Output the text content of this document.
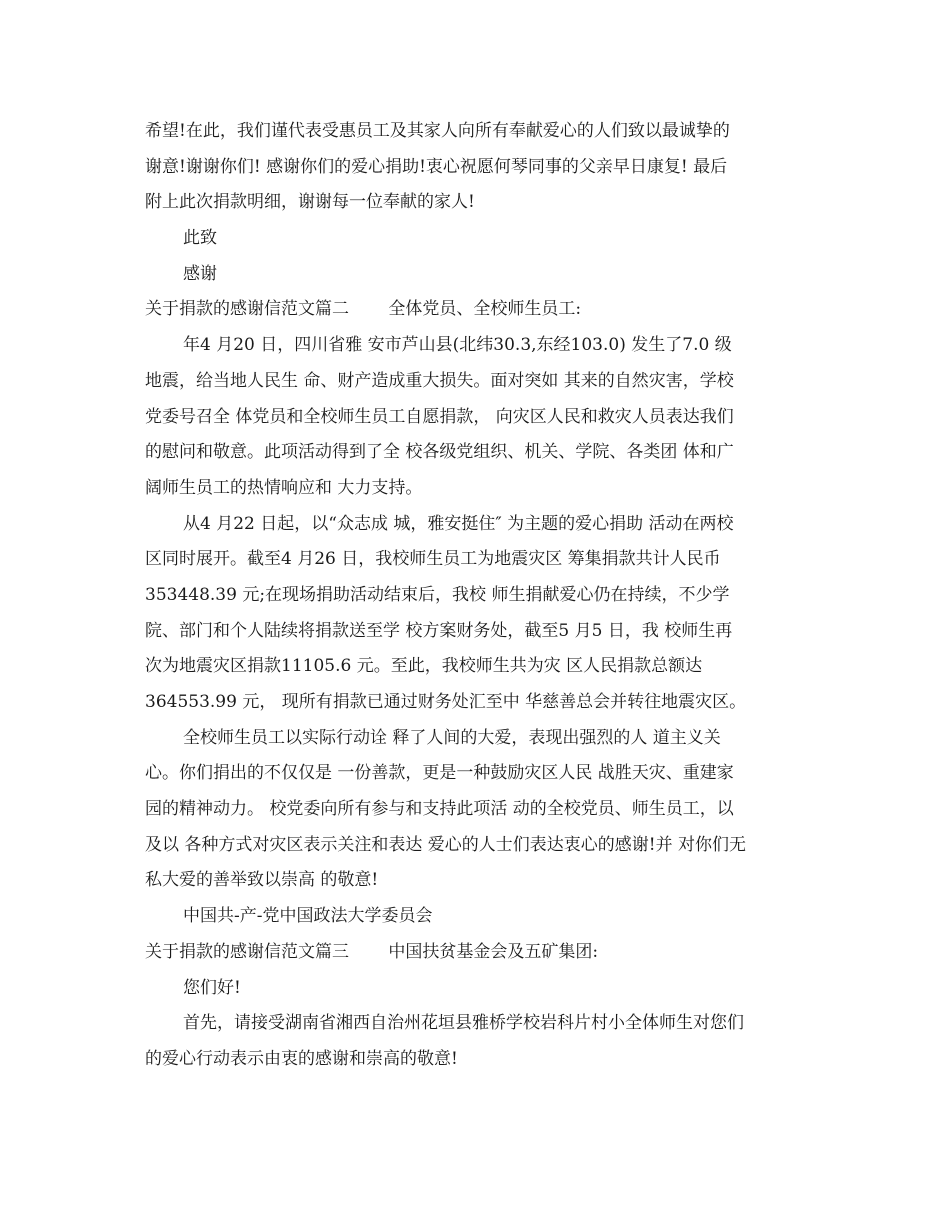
希望!在此，我们谨代表受惠员工及其家人向所有奉献爱心的人们致以最诚挚的
谢意!谢谢你们! 感谢你们的爱心捐助!衷心祝愿何琴同事的父亲早日康复! 最后
附上此次捐款明细，谢谢每一位奉献的家人!
此致
感谢
关于捐款的感谢信范文篇二　　 全体党员、全校师生员工:
年4 月20 日，四川省雅 安市芦山县(北纬30.3,东经103.0) 发生了7.0 级
地震，给当地人民生 命、财产造成重大损失。面对突如 其来的自然灾害，学校
党委号召全 体党员和全校师生员工自愿捐款， 向灾区人民和救灾人员表达我们
的慰问和敬意。此项活动得到了全 校各级党组织、机关、学院、各类团 体和广
阔师生员工的热情响应和 大力支持。
从4 月22 日起，以“众志成 城，雅安挺住″ 为主题的爱心捐助 活动在两校
区同时展开。截至4 月26 日，我校师生员工为地震灾区 筹集捐款共计人民币
353448.39 元;在现场捐助活动结束后，我校 师生捐献爱心仍在持续，不少学
院、部门和个人陆续将捐款送至学 校方案财务处，截至5 月5 日，我 校师生再
次为地震灾区捐款11105.6 元。至此，我校师生共为灾 区人民捐款总额达
364553.99 元， 现所有捐款已通过财务处汇至中 华慈善总会并转往地震灾区。
全校师生员工以实际行动诠 释了人间的大爱，表现出强烈的人 道主义关
心。你们捐出的不仅仅是 一份善款，更是一种鼓励灾区人民 战胜天灾、重建家
园的精神动力。 校党委向所有参与和支持此项活 动的全校党员、师生员工，以
及以 各种方式对灾区表示关注和表达 爱心的人士们表达衷心的感谢!并 对你们无
私大爱的善举致以崇高 的敬意!
中国共-产-党中国政法大学委员会
关于捐款的感谢信范文篇三　　 中国扶贫基金会及五矿集团:
您们好!
首先，请接受湖南省湘西自治州花垣县雅桥学校岩科片村小全体师生对您们
的爱心行动表示由衷的感谢和崇高的敬意!
